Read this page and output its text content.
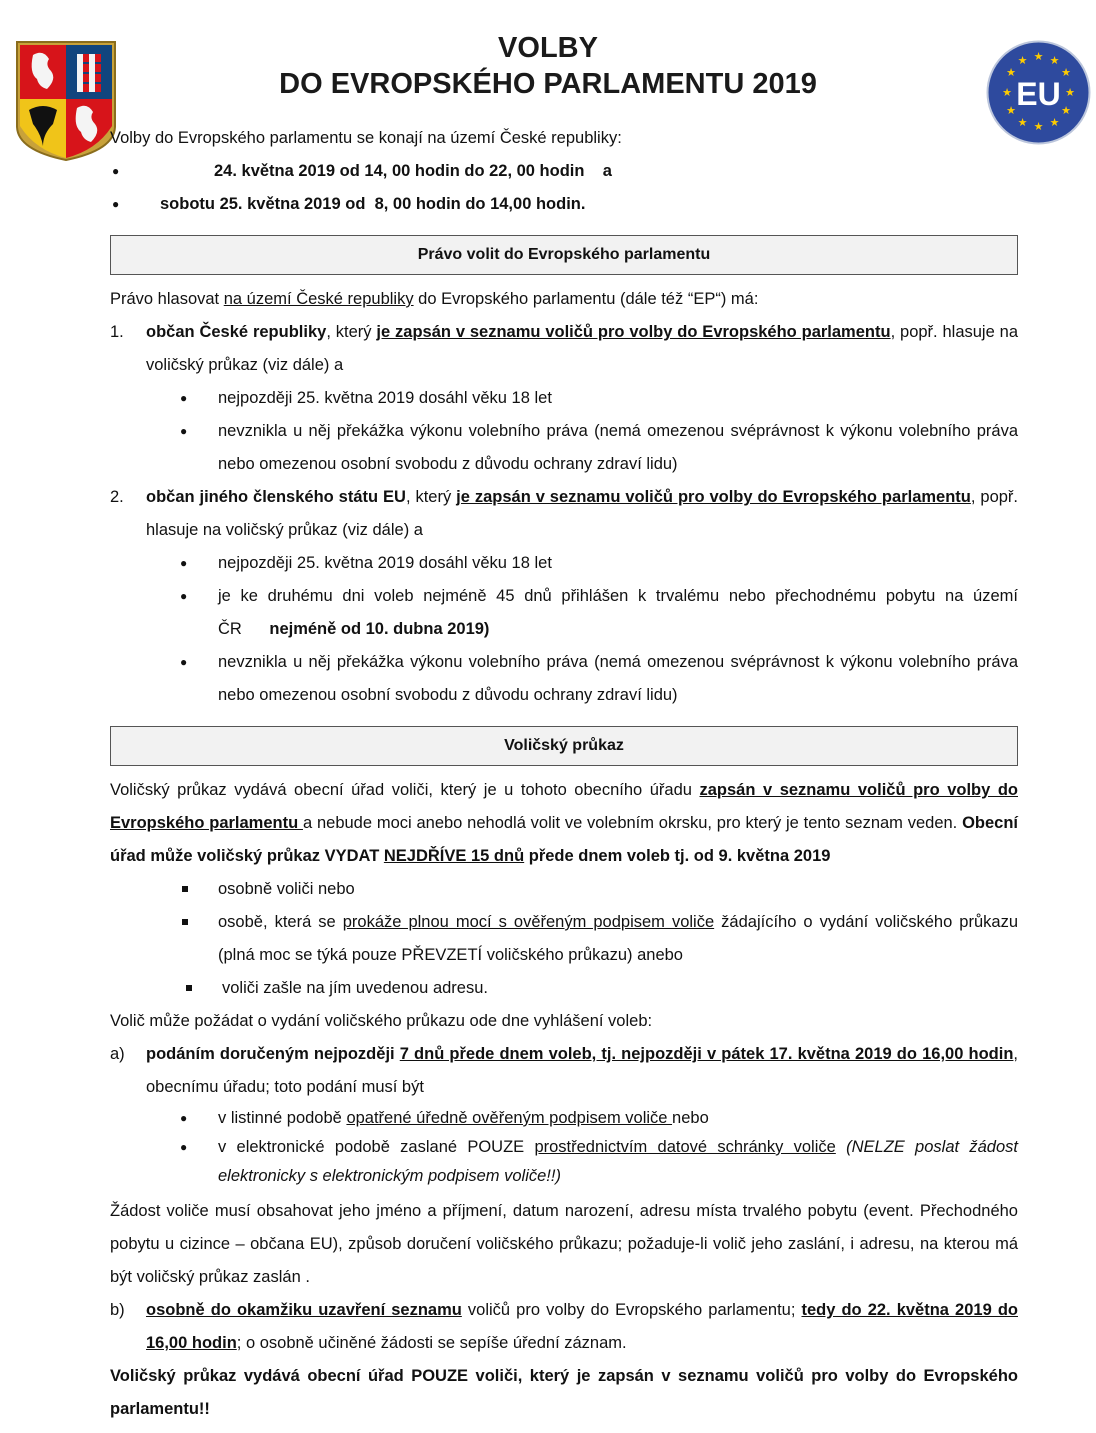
VOLBY
DO EVROPSKÉHO PARLAMENTU 2019
★ ★
★
★
★
★
★
★
★
★
★
★
EU

Volby do Evropského parlamentu se konají na území České republiky:

●	24. května 2019 od 14, 00 hodin do 22, 00 hodin    a
● sobotu 25. května 2019 od  8, 00 hodin do 14,00 hodin.
Právo volit do Evropského parlamentu

Právo hlasovat na území České republiky do Evropského parlamentu (dále též “EP“) má:

1. občan České republiky, který je zapsán v seznamu voličů pro volby do Evropského parlamentu, popř. hlasuje na voličský průkaz (viz dále) a
● nejpozději 25. května 2019 dosáhl věku 18 let
● nevznikla u něj překážka výkonu volebního práva (nemá omezenou svéprávnost k výkonu volebního práva nebo omezenou osobní svobodu z důvodu ochrany zdraví lidu)
2. občan jiného členského státu EU, který je zapsán v seznamu voličů pro volby do Evropského parlamentu, popř. hlasuje na voličský průkaz (viz dále) a
● nejpozději 25. května 2019 dosáhl věku 18 let
● je ke druhému dni voleb nejméně 45 dnů přihlášen k trvalému nebo přechodnému pobytu na území ČR nejméně od 10. dubna 2019)
● nevznikla u něj překážka výkonu volebního práva (nemá omezenou svéprávnost k výkonu volebního práva nebo omezenou osobní svobodu z důvodu ochrany zdraví lidu)
Voličský průkaz

Voličský průkaz vydává obecní úřad voliči, který je u tohoto obecního úřadu zapsán v seznamu voličů pro volby do Evropského parlamentu a nebude moci anebo nehodlá volit ve volebním okrsku, pro který je tento seznam veden. Obecní úřad může voličský průkaz VYDAT NEJDŘÍVE 15 dnů přede dnem voleb tj. od 9. května 2019

osobně voliči nebo
osobě, která se prokáže plnou mocí s ověřeným podpisem voliče žádajícího o vydání voličského průkazu (plná moc se týká pouze PŘEVZETÍ voličského průkazu) anebo
voliči zašle na jím uvedenou adresu.

Volič může požádat o vydání voličského průkazu ode dne vyhlášení voleb:

a) podáním doručeným nejpozději 7 dnů přede dnem voleb, tj. nejpozději v pátek 17. května 2019 do 16,00 hodin, obecnímu úřadu; toto podání musí být
● v listinné podobě opatřené úředně ověřeným podpisem voliče nebo
● v elektronické podobě zaslané POUZE prostřednictvím datové schránky voliče (NELZE poslat žádost elektronicky s elektronickým podpisem voliče!!)

Žádost voliče musí obsahovat jeho jméno a příjmení, datum narození, adresu místa trvalého pobytu (event. Přechodného pobytu u cizince – občana EU), způsob doručení voličského průkazu; požaduje-li volič jeho zaslání, i adresu, na kterou má být voličský průkaz zaslán .

b) osobně do okamžiku uzavření seznamu voličů pro volby do Evropského parlamentu; tedy do 22. května 2019 do 16,00 hodin; o osobně učiněné žádosti se sepíše úřední záznam.

Voličský průkaz vydává obecní úřad POUZE voliči, který je zapsán v seznamu voličů pro volby do Evropského parlamentu!!
